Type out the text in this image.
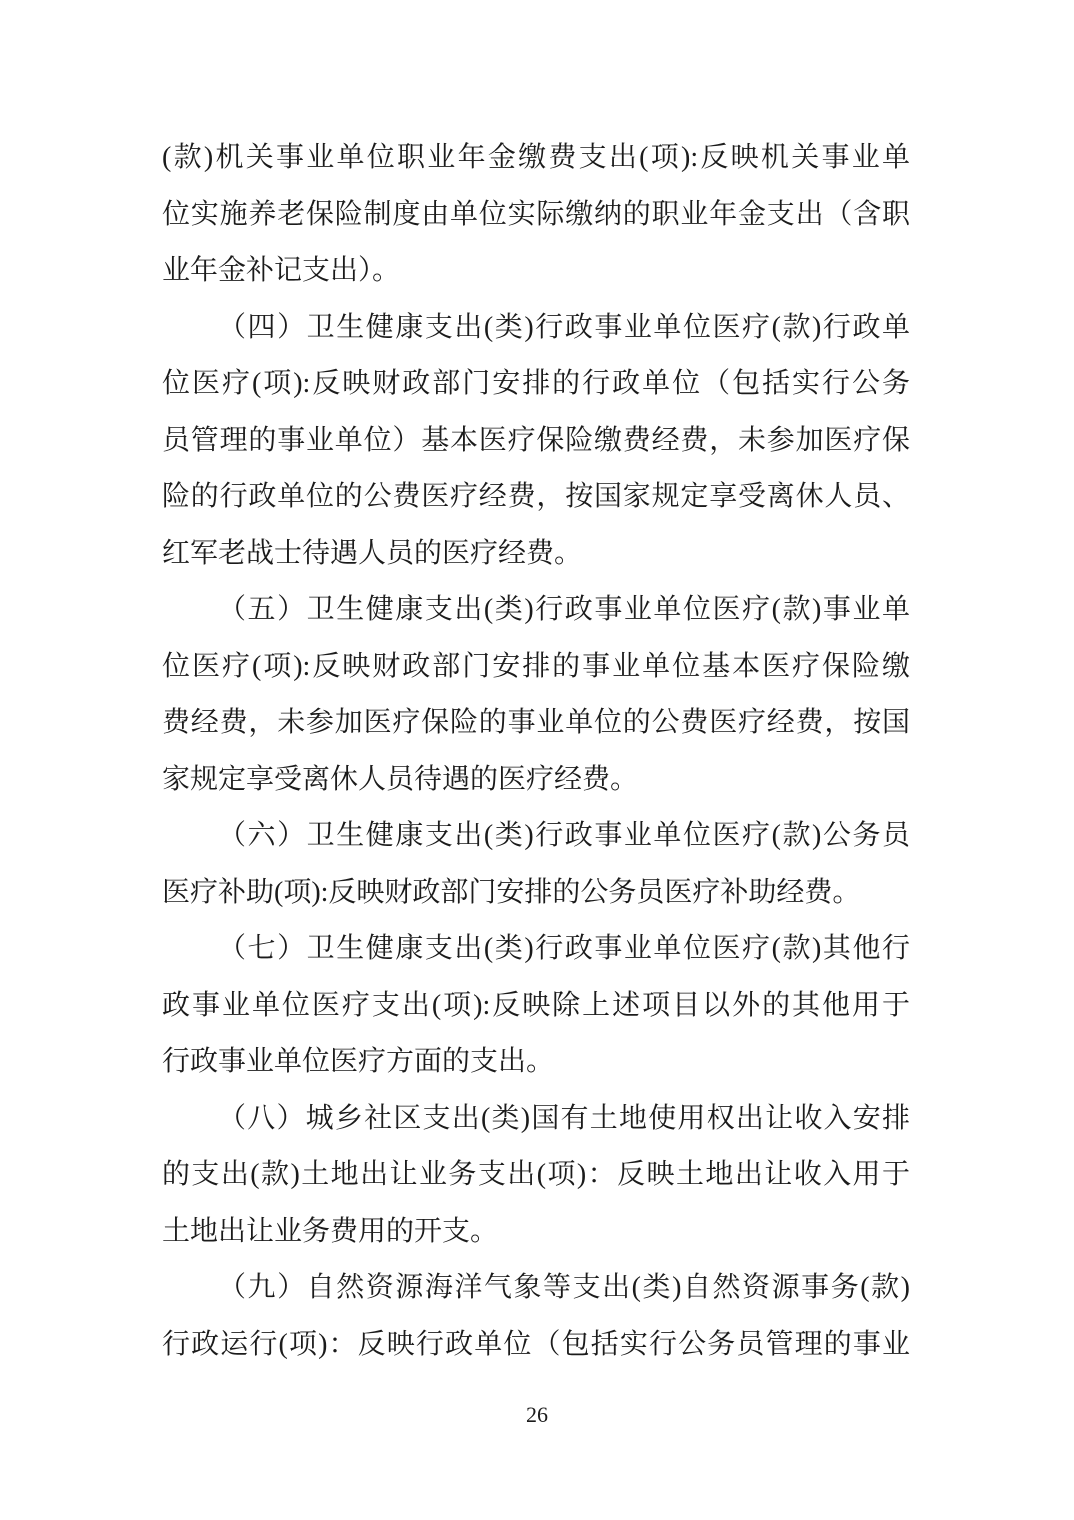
(款)机关事业单位职业年金缴费支出(项):反映机关事业单
位实施养老保险制度由单位实际缴纳的职业年金支出（含职
业年金补记支出）。
（四）卫生健康支出(类)行政事业单位医疗(款)行政单
位医疗(项):反映财政部门安排的行政单位（包括实行公务
员管理的事业单位）基本医疗保险缴费经费，未参加医疗保
险的行政单位的公费医疗经费，按国家规定享受离休人员、
红军老战士待遇人员的医疗经费。
（五）卫生健康支出(类)行政事业单位医疗(款)事业单
位医疗(项):反映财政部门安排的事业单位基本医疗保险缴
费经费，未参加医疗保险的事业单位的公费医疗经费，按国
家规定享受离休人员待遇的医疗经费。
（六）卫生健康支出(类)行政事业单位医疗(款)公务员
医疗补助(项):反映财政部门安排的公务员医疗补助经费。
（七）卫生健康支出(类)行政事业单位医疗(款)其他行
政事业单位医疗支出(项):反映除上述项目以外的其他用于
行政事业单位医疗方面的支出。
（八）城乡社区支出(类)国有土地使用权出让收入安排
的支出(款)土地出让业务支出(项)：反映土地出让收入用于
土地出让业务费用的开支。
（九）自然资源海洋气象等支出(类)自然资源事务(款)
行政运行(项)：反映行政单位（包括实行公务员管理的事业
26
